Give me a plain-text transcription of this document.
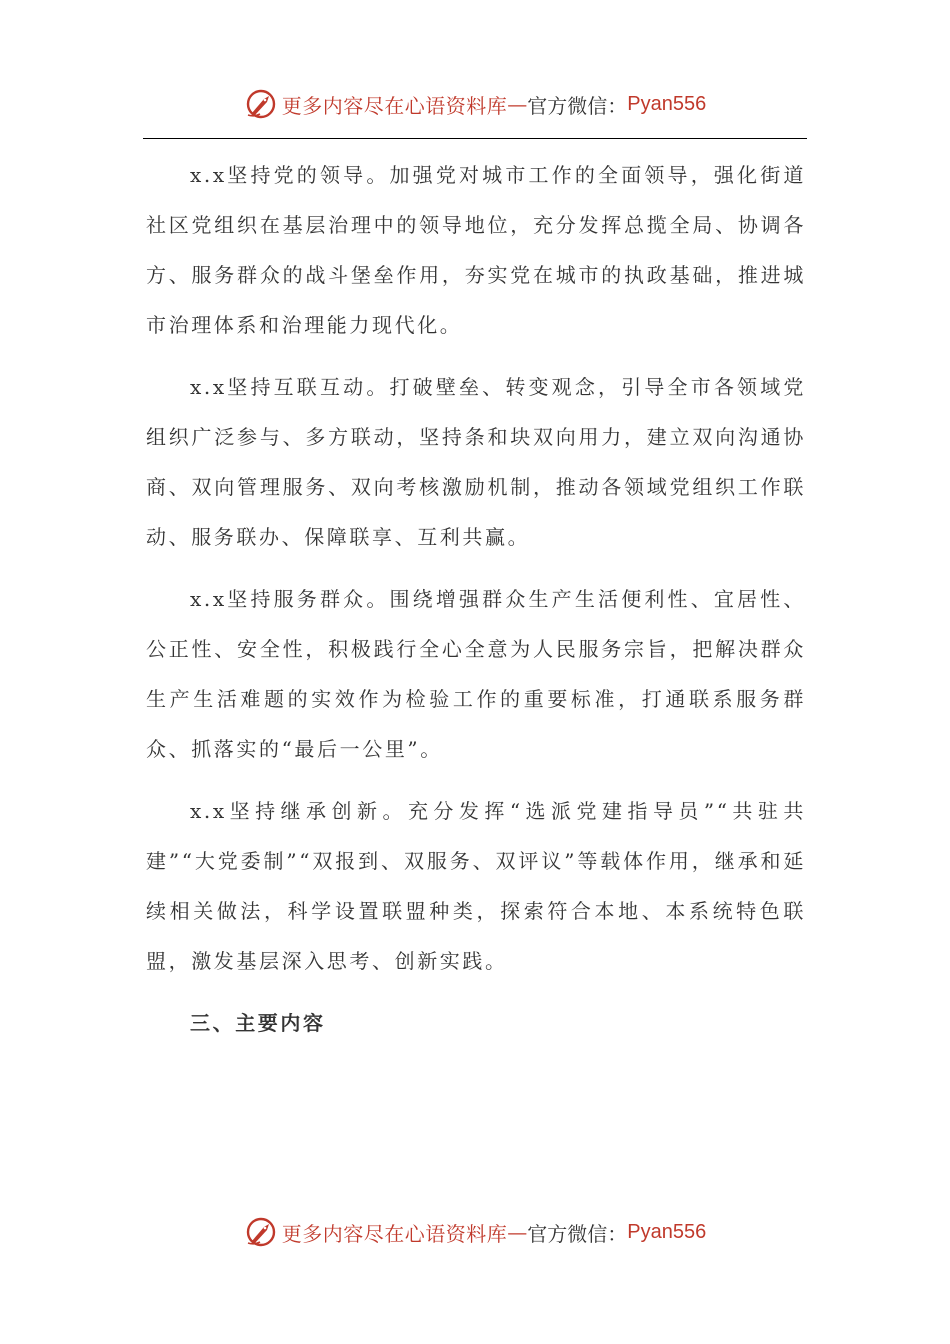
更多内容尽在心语资料库 — 官方微信： Pyan556

x.x坚持党的领导。加强党对城市工作的全面领导，强化街道社区党组织在基层治理中的领导地位，充分发挥总揽全局、协调各方、服务群众的战斗堡垒作用，夯实党在城市的执政基础，推进城市治理体系和治理能力现代化。

x.x坚持互联互动。打破壁垒、转变观念，引导全市各领域党组织广泛参与、多方联动，坚持条和块双向用力，建立双向沟通协商、双向管理服务、双向考核激励机制，推动各领域党组织工作联动、服务联办、保障联享、互利共赢。

x.x坚持服务群众。围绕增强群众生产生活便利性、宜居性、公正性、安全性，积极践行全心全意为人民服务宗旨，把解决群众生产生活难题的实效作为检验工作的重要标准，打通联系服务群众、抓落实的“最后一公里”。

x.x坚持继承创新。充分发挥“选派党建指导员”“共驻共建”“大党委制”“双报到、双服务、双评议”等载体作用，继承和延续相关做法，科学设置联盟种类，探索符合本地、本系统特色联盟，激发基层深入思考、创新实践。

三、主要内容

更多内容尽在心语资料库 — 官方微信： Pyan556
